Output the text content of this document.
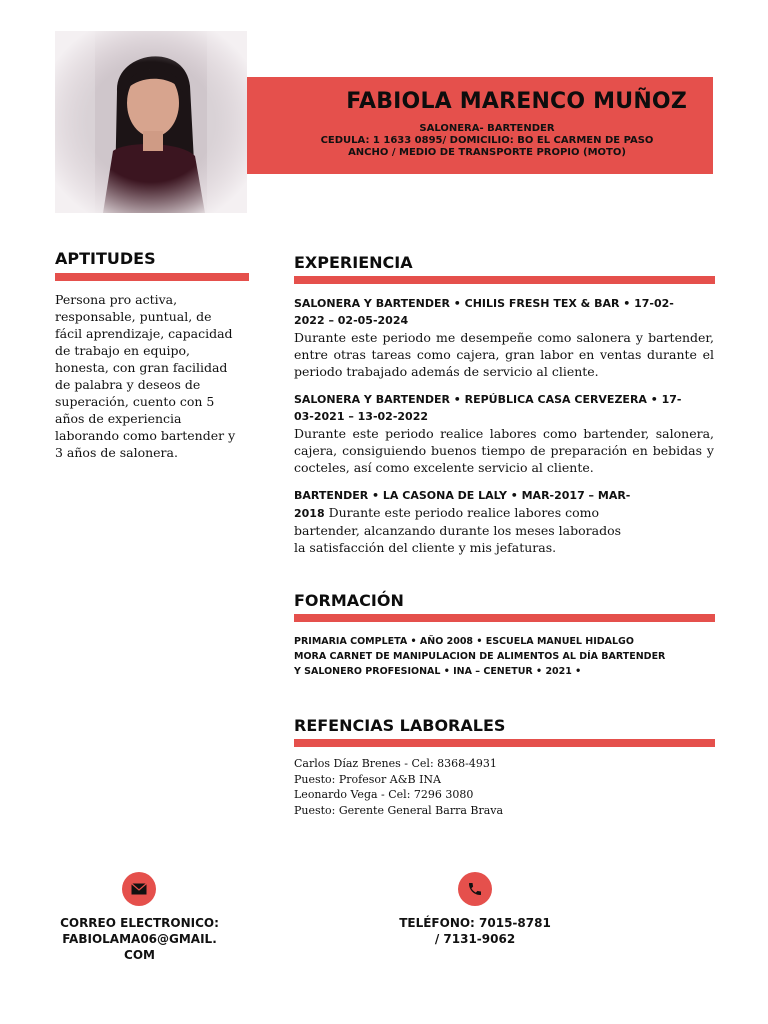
FABIOLA MARENCO MUÑOZ
SALONERA- BARTENDER
CEDULA: 1 1633 0895/ DOMICILIO: BO EL CARMEN DE PASO
ANCHO / MEDIO DE TRANSPORTE PROPIO (MOTO)
APTITUDES
Persona pro activa,
responsable, puntual, de
fácil aprendizaje, capacidad
de trabajo en equipo,
honesta, con gran facilidad
de palabra y deseos de
superación, cuento con 5
años de experiencia
laborando como bartender y
3 años de salonera.
EXPERIENCIA
SALONERA Y BARTENDER • CHILIS FRESH TEX & BAR • 17-02-
2022 – 02-05-2024
Durante este periodo me desempeñe como salonera y bartender, entre otras tareas como cajera, gran labor en ventas durante el periodo trabajado además de servicio al cliente.
SALONERA Y BARTENDER • REPÚBLICA CASA CERVEZERA • 17-
03-2021 – 13-02-2022
Durante este periodo realice labores como bartender, salonera, cajera, consiguiendo buenos tiempo de preparación en bebidas y cocteles, así como excelente servicio al cliente.
BARTENDER • LA CASONA DE LALY • MAR-2017 – MAR-
2018 Durante este periodo realice labores como
bartender, alcanzando durante los meses laborados
la satisfacción del cliente y mis jefaturas.
FORMACIÓN
PRIMARIA COMPLETA • AÑO 2008 • ESCUELA MANUEL HIDALGO
MORA CARNET DE MANIPULACION DE ALIMENTOS AL DÍA BARTENDER
Y SALONERO PROFESIONAL • INA – CENETUR • 2021 •
REFENCIAS LABORALES
Carlos Díaz Brenes - Cel: 8368-4931
Puesto: Profesor A&B INA
Leonardo Vega - Cel: 7296 3080
Puesto: Gerente General Barra Brava
CORREO ELECTRONICO:
FABIOLAMA06@GMAIL.
COM
TELÉFONO: 7015-8781
/ 7131-9062
